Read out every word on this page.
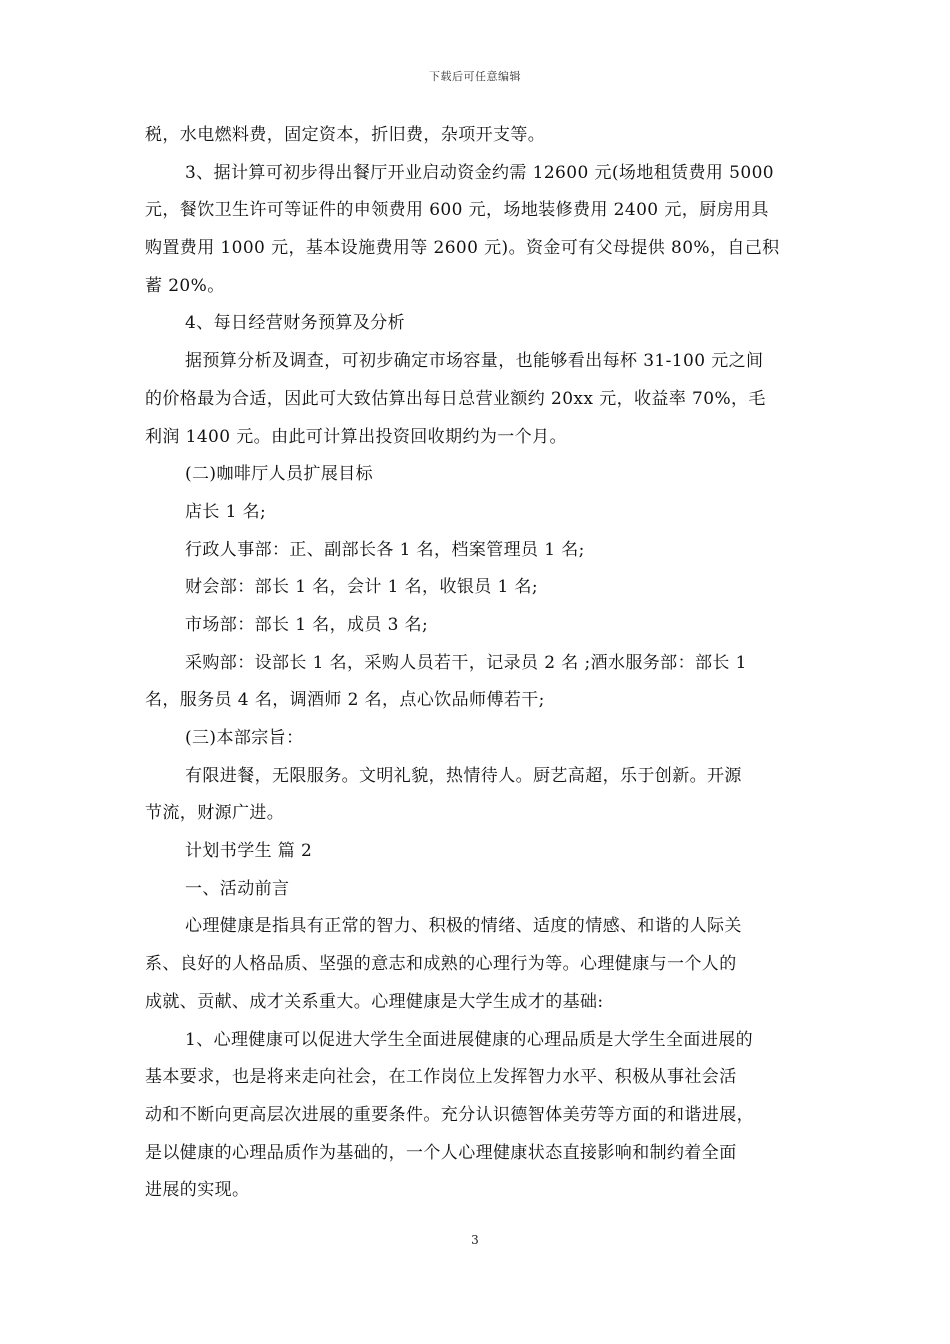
下载后可任意编辑
税，水电燃料费，固定资本，折旧费，杂项开支等。
3、据计算可初步得出餐厅开业启动资金约需 12600 元(场地租赁费用 5000
元，餐饮卫生许可等证件的申领费用 600 元，场地装修费用 2400 元，厨房用具
购置费用 1000 元，基本设施费用等 2600 元)。资金可有父母提供 80%，自己积
蓄 20%。
4、每日经营财务预算及分析
据预算分析及调查，可初步确定市场容量，也能够看出每杯 31-100 元之间
的价格最为合适，因此可大致估算出每日总营业额约 20xx 元，收益率 70%，毛
利润 1400 元。由此可计算出投资回收期约为一个月。
(二)咖啡厅人员扩展目标
店长 1 名;
行政人事部：正、副部长各 1 名，档案管理员 1 名;
财会部：部长 1 名，会计 1 名，收银员 1 名;
市场部：部长 1 名，成员 3 名;
采购部：设部长 1 名，采购人员若干，记录员 2 名 ;酒水服务部：部长 1
名，服务员 4 名，调酒师 2 名，点心饮品师傅若干;
(三)本部宗旨：
有限进餐，无限服务。文明礼貌，热情待人。厨艺高超，乐于创新。开源
节流，财源广进。
计划书学生 篇 2
一、活动前言
心理健康是指具有正常的智力、积极的情绪、适度的情感、和谐的人际关
系、良好的人格品质、坚强的意志和成熟的心理行为等。心理健康与一个人的
成就、贡献、成才关系重大。心理健康是大学生成才的基础:
1、心理健康可以促进大学生全面进展健康的心理品质是大学生全面进展的
基本要求，也是将来走向社会，在工作岗位上发挥智力水平、积极从事社会活
动和不断向更高层次进展的重要条件。充分认识德智体美劳等方面的和谐进展，
是以健康的心理品质作为基础的，一个人心理健康状态直接影响和制约着全面
进展的实现。
3
